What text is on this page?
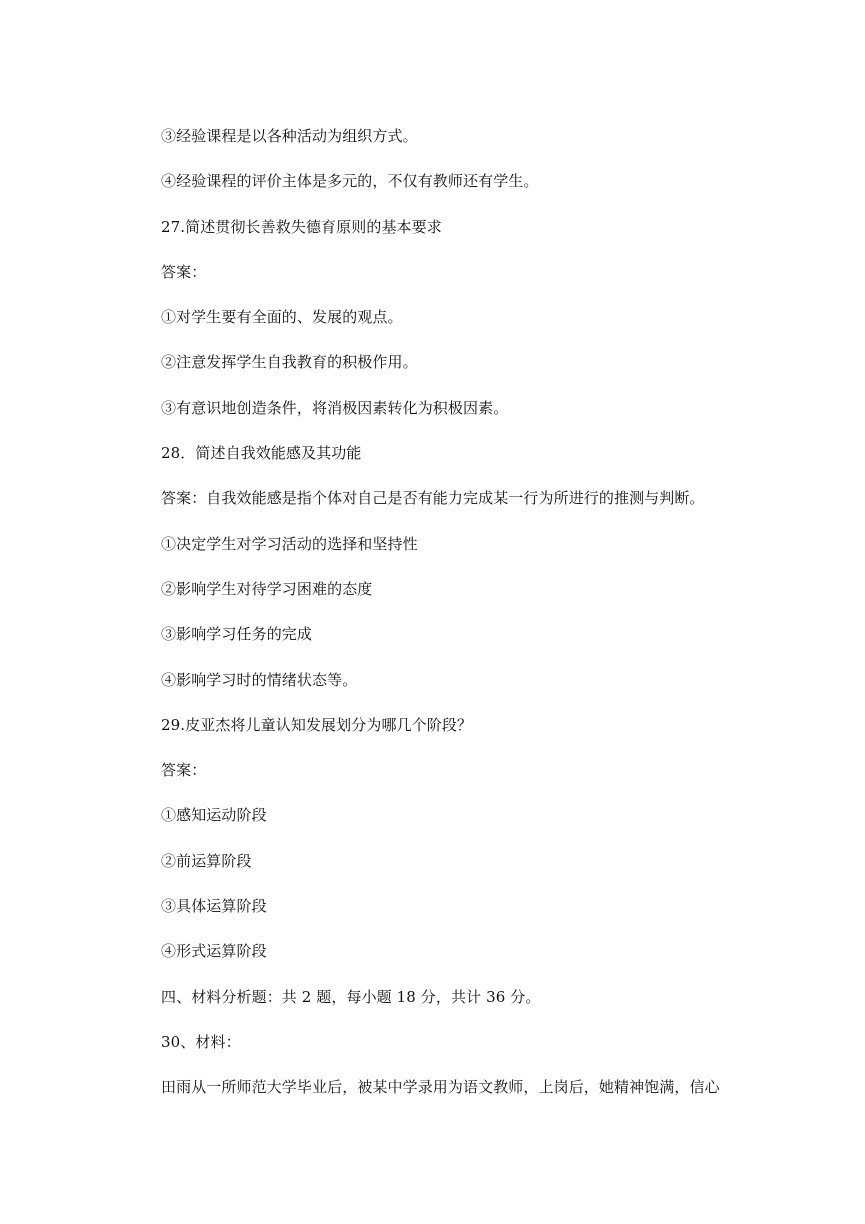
③经验课程是以各种活动为组织方式。
④经验课程的评价主体是多元的，不仅有教师还有学生。
27.简述贯彻长善救失德育原则的基本要求
答案：
①对学生要有全面的、发展的观点。
②注意发挥学生自我教育的积极作用。
③有意识地创造条件，将消极因素转化为积极因素。
28．简述自我效能感及其功能
答案：自我效能感是指个体对自己是否有能力完成某一行为所进行的推测与判断。
①决定学生对学习活动的选择和坚持性
②影响学生对待学习困难的态度
③影响学习任务的完成
④影响学习时的情绪状态等。
29.皮亚杰将儿童认知发展划分为哪几个阶段？
答案：
①感知运动阶段
②前运算阶段
③具体运算阶段
④形式运算阶段
四、材料分析题：共 2 题，每小题 18 分，共计 36 分。
30、材料：
田雨从一所师范大学毕业后，被某中学录用为语文教师，上岗后，她精神饱满，信心
